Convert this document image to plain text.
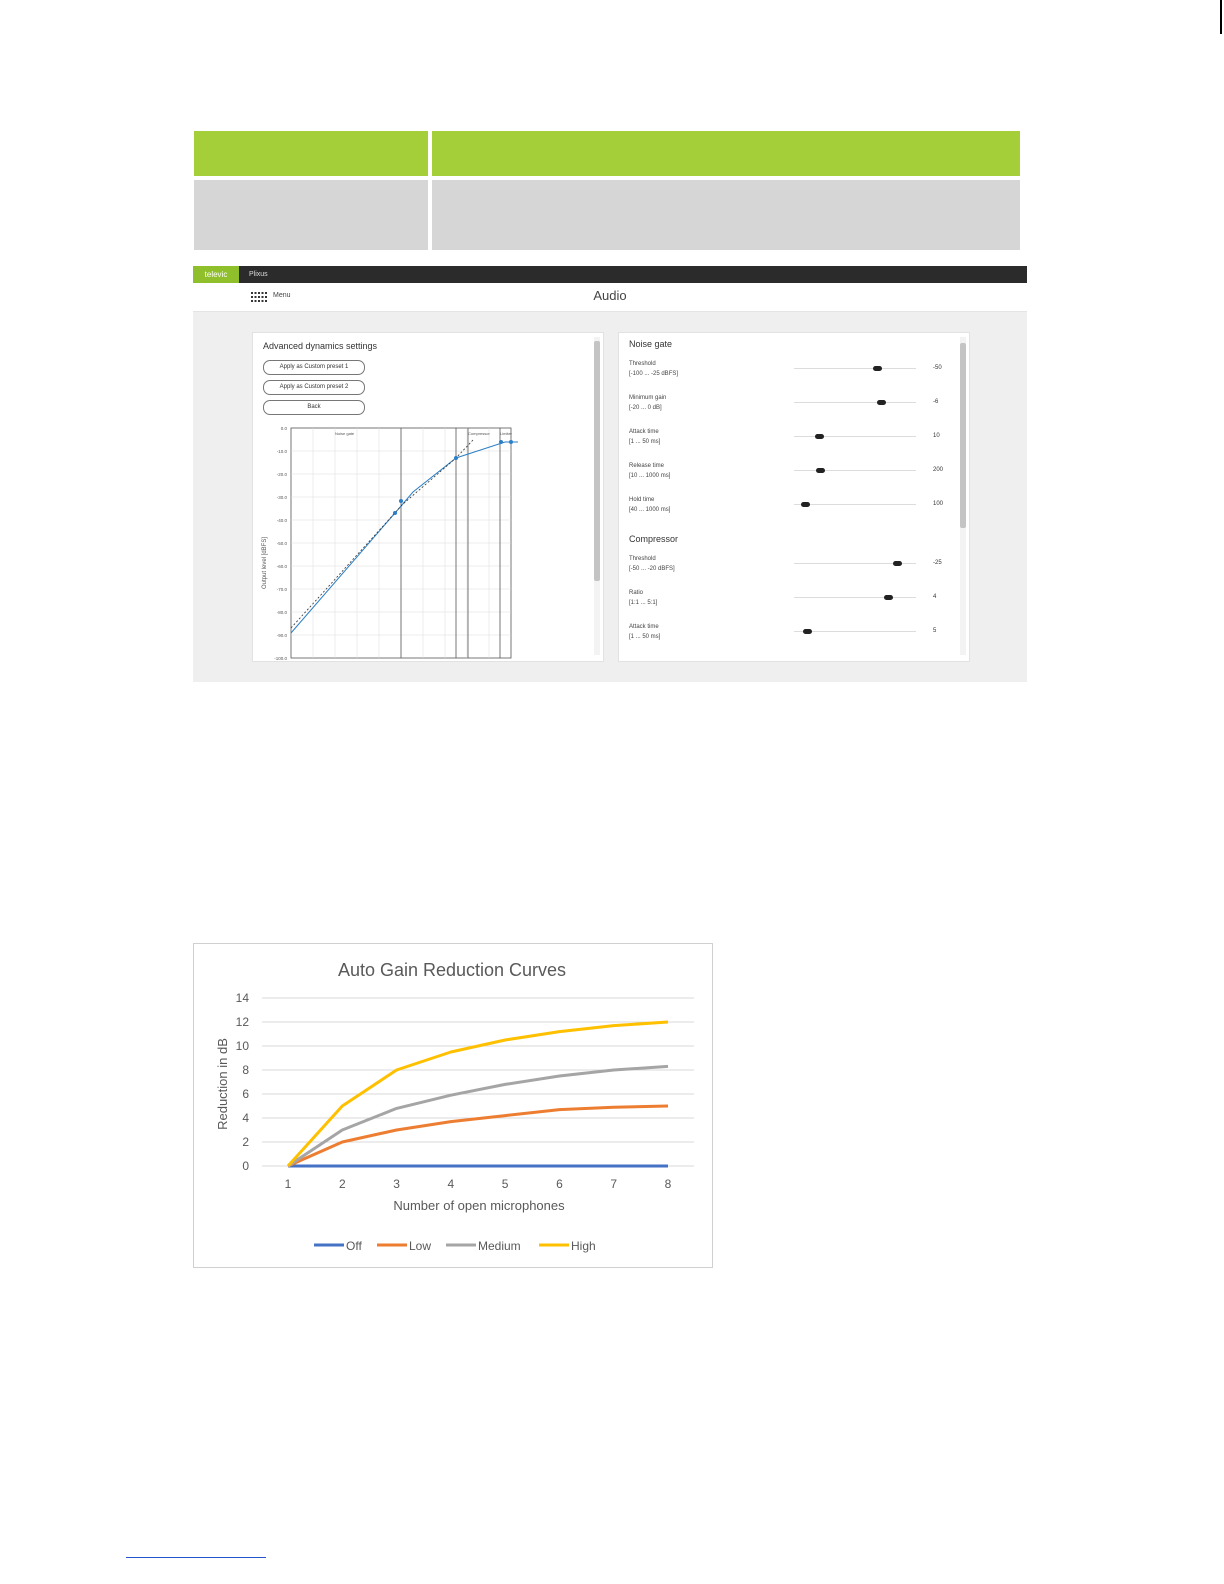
televic	Plixus
Menu	Audio
Advanced dynamics settings
Apply as Custom preset 1
Apply as Custom preset 2
Back
Output level [dBFS]
0.0
-10.0
-20.0
-30.0
-40.0
-50.0
-60.0
-70.0
-80.0
-90.0
-100.0
Noise gate	Compressor	Limiter
Noise gate
Threshold
[-100 ... -25 dBFS]
-50
Minimum gain
[-20 ... 0 dB]
-6
Attack time
[1 ... 50 ms]
10
Release time
[10 ... 1000 ms]
200
Hold time
[40 ... 1000 ms]
100
Compressor
Threshold
[-50 ... -20 dBFS]
-25
Ratio
[1:1 ... 5:1]
4
Attack time
[1 ... 50 ms]
5
Auto Gain Reduction Curves
Reduction in dB
Number of open microphones
0
2
4
6
8
10
12
14
1	2	3	4	5	6	7	8
Off	Low	Medium	High
